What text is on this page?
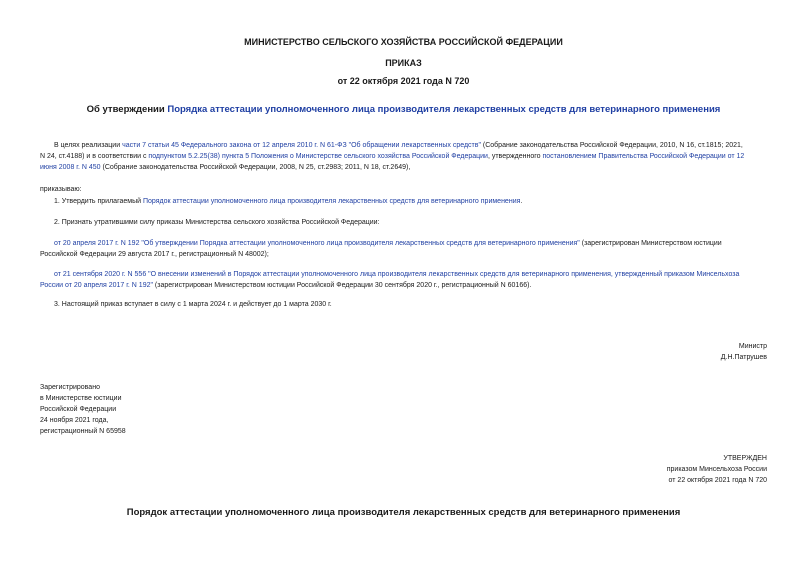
МИНИСТЕРСТВО СЕЛЬСКОГО ХОЗЯЙСТВА РОССИЙСКОЙ ФЕДЕРАЦИИ
ПРИКАЗ
от 22 октября 2021 года N 720
Об утверждении Порядка аттестации уполномоченного лица производителя лекарственных средств для ветеринарного применения
В целях реализации части 7 статьи 45 Федерального закона от 12 апреля 2010 г. N 61-ФЗ "Об обращении лекарственных средств" (Собрание законодательства Российской Федерации, 2010, N 16, ст.1815; 2021,
N 24, ст.4188) и в соответствии с подпунктом 5.2.25(38) пункта 5 Положения о Министерстве сельского хозяйства Российской Федерации, утвержденного постановлением Правительства Российской Федерации от 12
июня 2008 г. N 450 (Собрание законодательства Российской Федерации, 2008, N 25, ст.2983; 2011, N 18, ст.2649),
приказываю:
1. Утвердить прилагаемый Порядок аттестации уполномоченного лица производителя лекарственных средств для ветеринарного применения.
2. Признать утратившими силу приказы Министерства сельского хозяйства Российской Федерации:
от 20 апреля 2017 г. N 192 "Об утверждении Порядка аттестации уполномоченного лица производителя лекарственных средств для ветеринарного применения" (зарегистрирован Министерством юстиции
Российской Федерации 29 августа 2017 г., регистрационный N 48002);
от 21 сентября 2020 г. N 556 "О внесении изменений в Порядок аттестации уполномоченного лица производителя лекарственных средств для ветеринарного применения, утвержденный приказом Минсельхоза
России от 20 апреля 2017 г. N 192" (зарегистрирован Министерством юстиции Российской Федерации 30 сентября 2020 г., регистрационный N 60166).
3. Настоящий приказ вступает в силу с 1 марта 2024 г. и действует до 1 марта 2030 г.
Министр
Д.Н.Патрушев
Зарегистрировано
в Министерстве юстиции
Российской Федерации
24 ноября 2021 года,
регистрационный N 65958
УТВЕРЖДЕН
приказом Минсельхоза России
от 22 октября 2021 года N 720
Порядок аттестации уполномоченного лица производителя лекарственных средств для ветеринарного применения
